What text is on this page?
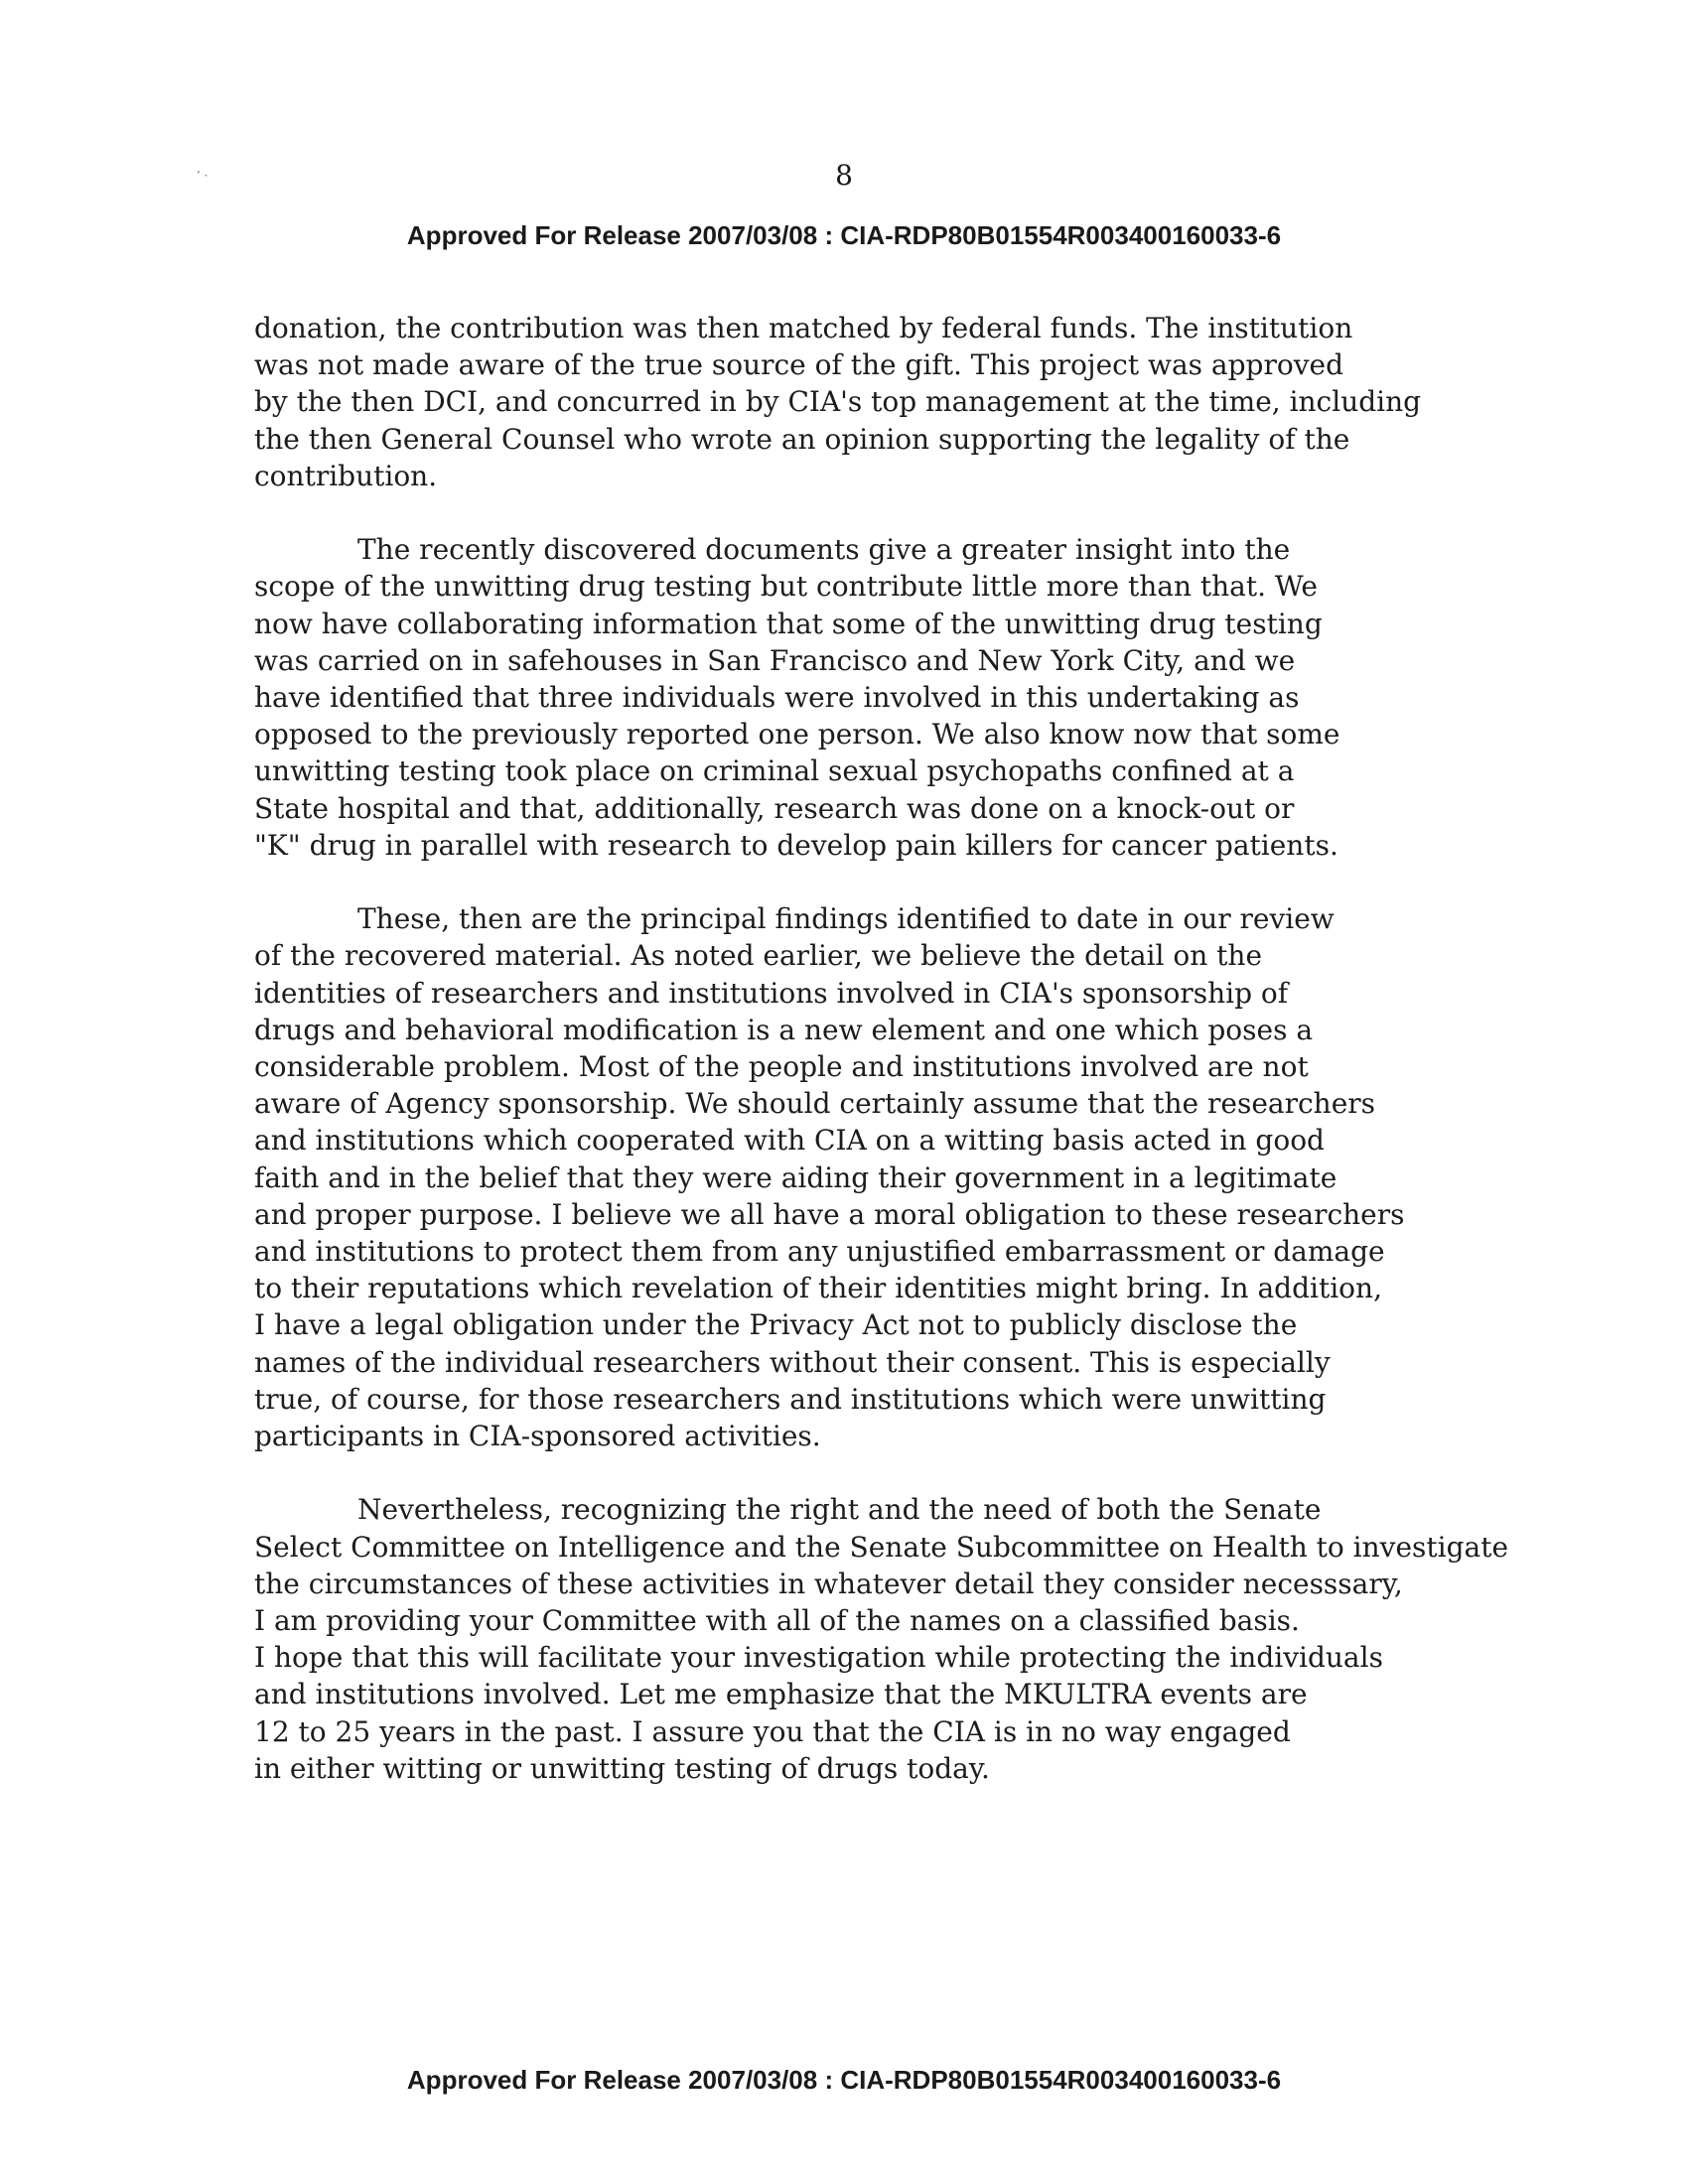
’ ·	8
Approved For Release 2007/03/08 : CIA-RDP80B01554R003400160033-6

donation, the contribution was then matched by federal funds. The institution
was not made aware of the true source of the gift. This project was approved
by the then DCI, and concurred in by CIA's top management at the time, including
the then General Counsel who wrote an opinion supporting the legality of the
contribution.

The recently discovered documents give a greater insight into the
scope of the unwitting drug testing but contribute little more than that. We
now have collaborating information that some of the unwitting drug testing
was carried on in safehouses in San Francisco and New York City, and we
have identified that three individuals were involved in this undertaking as
opposed to the previously reported one person. We also know now that some
unwitting testing took place on criminal sexual psychopaths confined at a
State hospital and that, additionally, research was done on a knock-out or
"K" drug in parallel with research to develop pain killers for cancer patients.

These, then are the principal findings identified to date in our review
of the recovered material. As noted earlier, we believe the detail on the
identities of researchers and institutions involved in CIA's sponsorship of
drugs and behavioral modification is a new element and one which poses a
considerable problem. Most of the people and institutions involved are not
aware of Agency sponsorship. We should certainly assume that the researchers
and institutions which cooperated with CIA on a witting basis acted in good
faith and in the belief that they were aiding their government in a legitimate
and proper purpose. I believe we all have a moral obligation to these researchers
and institutions to protect them from any unjustified embarrassment or damage
to their reputations which revelation of their identities might bring. In addition,
I have a legal obligation under the Privacy Act not to publicly disclose the
names of the individual researchers without their consent. This is especially
true, of course, for those researchers and institutions which were unwitting
participants in CIA-sponsored activities.

Nevertheless, recognizing the right and the need of both the Senate
Select Committee on Intelligence and the Senate Subcommittee on Health to investigate
the circumstances of these activities in whatever detail they consider necesssary,
I am providing your Committee with all of the names on a classified basis.
I hope that this will facilitate your investigation while protecting the individuals
and institutions involved. Let me emphasize that the MKULTRA events are
12 to 25 years in the past. I assure you that the CIA is in no way engaged
in either witting or unwitting testing of drugs today.

Approved For Release 2007/03/08 : CIA-RDP80B01554R003400160033-6
